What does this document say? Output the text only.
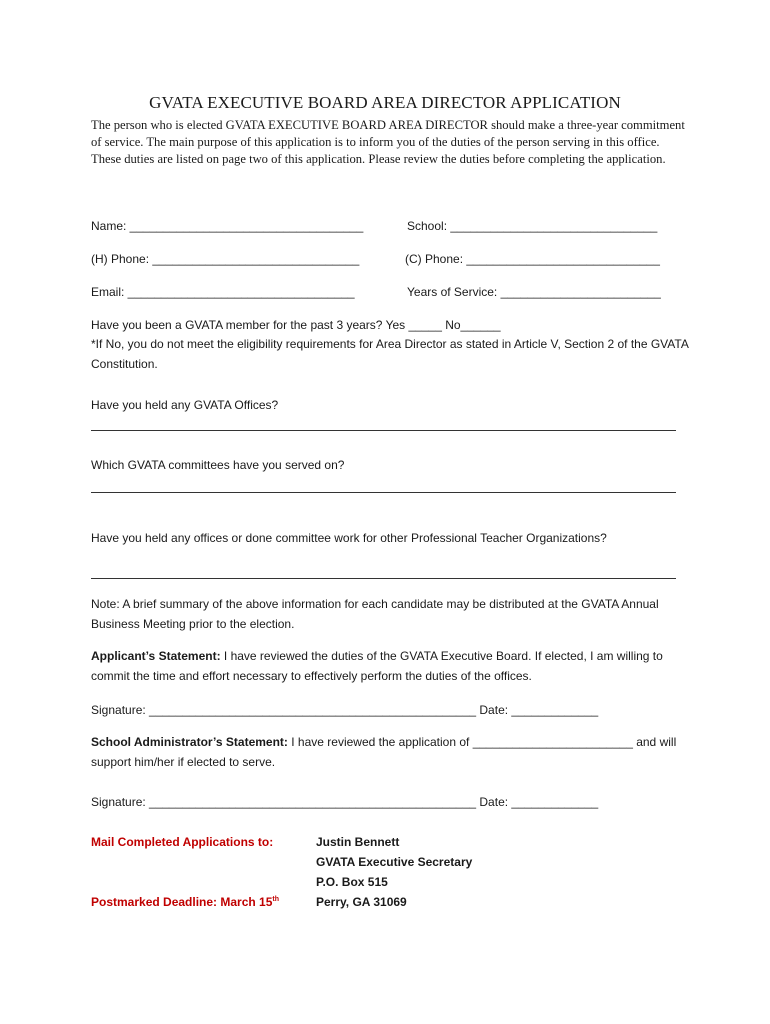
GVATA EXECUTIVE BOARD AREA DIRECTOR APPLICATION
The person who is elected GVATA EXECUTIVE BOARD AREA DIRECTOR should make a three-year commitment of service. The main purpose of this application is to inform you of the duties of the person serving in this office. These duties are listed on page two of this application. Please review the duties before completing the application.
Name: ___________________________________	School: _______________________________
(H) Phone: _______________________________	(C) Phone: _____________________________
Email: __________________________________	Years of Service: ________________________
Have you been a GVATA member for the past 3 years? Yes _____ No______
*If No, you do not meet the eligibility requirements for Area Director as stated in Article V, Section 2 of the GVATA Constitution.
Have you held any GVATA Offices?
Which GVATA committees have you served on?
Have you held any offices or done committee work for other Professional Teacher Organizations?
Note: A brief summary of the above information for each candidate may be distributed at the GVATA Annual Business Meeting prior to the election.
Applicant’s Statement: I have reviewed the duties of the GVATA Executive Board. If elected, I am willing to commit the time and effort necessary to effectively perform the duties of the offices.
Signature: _________________________________________________ Date: _____________
School Administrator’s Statement: I have reviewed the application of ________________________ and will support him/her if elected to serve.
Signature: _________________________________________________ Date: _____________
Mail Completed Applications to:
Postmarked Deadline: March 15th
Justin Bennett
GVATA Executive Secretary
P.O. Box 515
Perry, GA 31069
